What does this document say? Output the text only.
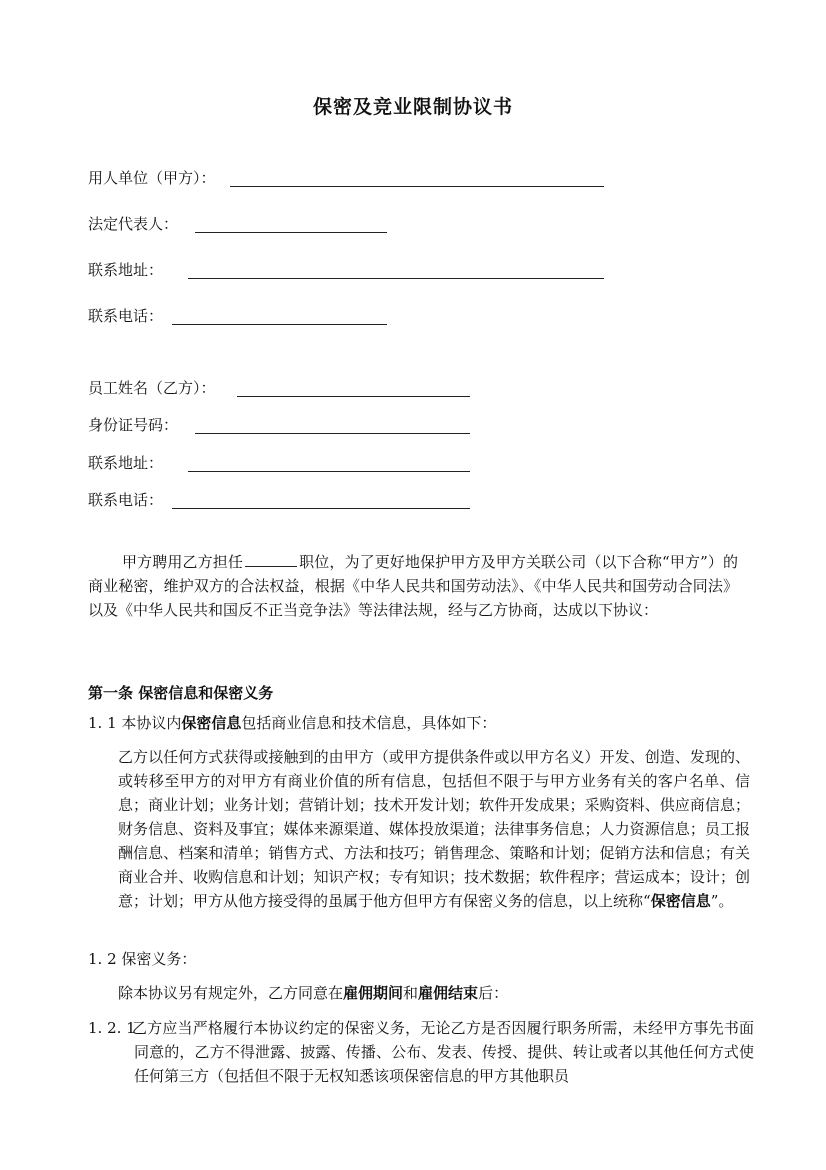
保密及竞业限制协议书
用人单位（甲方）：
法定代表人：
联系地址：
联系电话：
员工姓名（乙方）：
身份证号码：
联系地址：
联系电话：
甲方聘用乙方担任	职位，为了更好地保护甲方及甲方关联公司（以下合称“甲方”）的商业秘密，维护双方的合法权益，根据《中华人民共和国劳动法》、《中华人民共和国劳动合同法》以及《中华人民共和国反不正当竞争法》等法律法规，经与乙方协商，达成以下协议：
第一条 保密信息和保密义务
1. 1 本协议内保密信息包括商业信息和技术信息，具体如下：
乙方以任何方式获得或接触到的由甲方（或甲方提供条件或以甲方名义）开发、创造、发现的、或转移至甲方的对甲方有商业价值的所有信息，包括但不限于与甲方业务有关的客户名单、信息；商业计划；业务计划；营销计划；技术开发计划；软件开发成果；采购资料、供应商信息；财务信息、资料及事宜；媒体来源渠道、媒体投放渠道；法律事务信息；人力资源信息；员工报酬信息、档案和清单；销售方式、方法和技巧；销售理念、策略和计划；促销方法和信息；有关商业合并、收购信息和计划；知识产权；专有知识；技术数据；软件程序；营运成本；设计；创意；计划；甲方从他方接受得的虽属于他方但甲方有保密义务的信息，以上统称“保密信息”。
1. 2 保密义务：
除本协议另有规定外，乙方同意在雇佣期间和雇佣结束后：
1. 2. 1
乙方应当严格履行本协议约定的保密义务，无论乙方是否因履行职务所需，未经甲方事先书面同意的，乙方不得泄露、披露、传播、公布、发表、传授、提供、转让或者以其他任何方式使任何第三方（包括但不限于无权知悉该项保密信息的甲方其他职员
